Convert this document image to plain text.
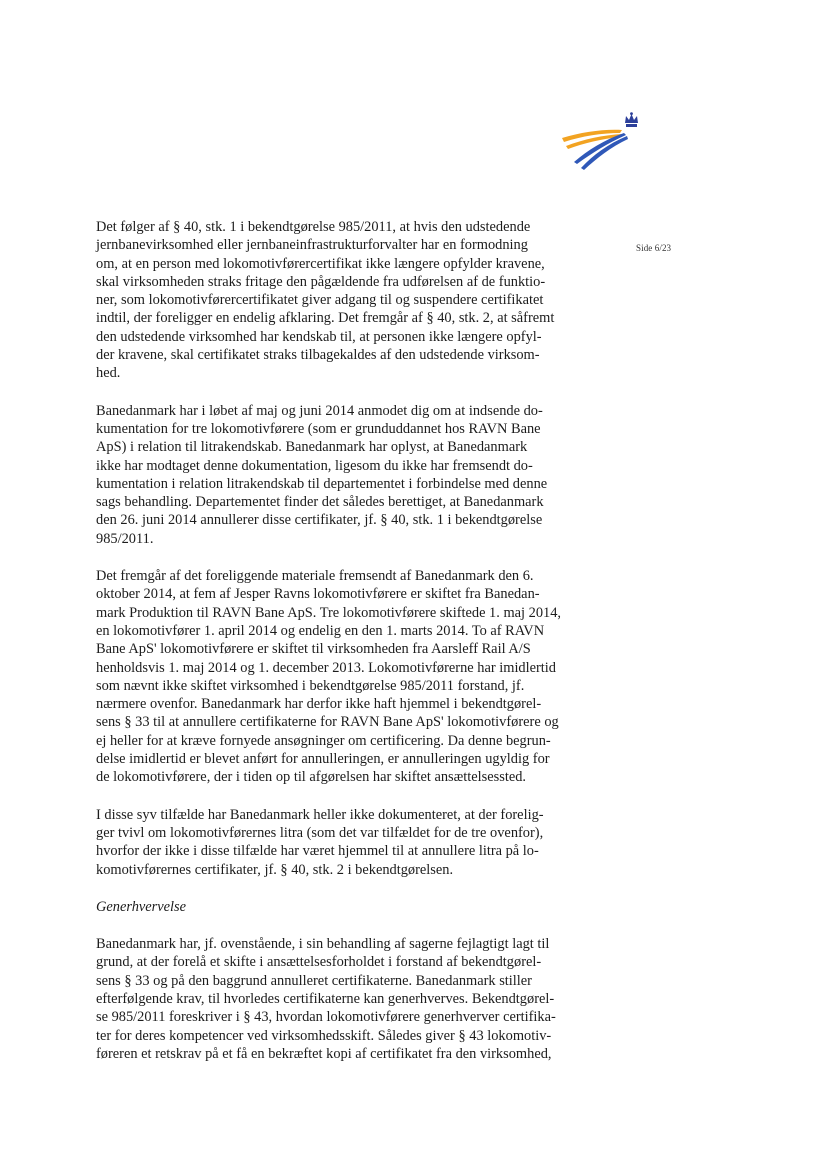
Side 6/23
Det følger af § 40, stk. 1 i bekendtgørelse 985/2011, at hvis den udstedende
jernbanevirksomhed eller jernbaneinfrastrukturforvalter har en formodning
om, at en person med lokomotivførercertifikat ikke længere opfylder kravene,
skal virksomheden straks fritage den pågældende fra udførelsen af de funktio-
ner, som lokomotivførercertifikatet giver adgang til og suspendere certifikatet
indtil, der foreligger en endelig afklaring. Det fremgår af § 40, stk. 2, at såfremt
den udstedende virksomhed har kendskab til, at personen ikke længere opfyl-
der kravene, skal certifikatet straks tilbagekaldes af den udstedende virksom-
hed.
Banedanmark har i løbet af maj og juni 2014 anmodet dig om at indsende do-
kumentation for tre lokomotivførere (som er grunduddannet hos RAVN Bane
ApS) i relation til litrakendskab. Banedanmark har oplyst, at Banedanmark
ikke har modtaget denne dokumentation, ligesom du ikke har fremsendt do-
kumentation i relation litrakendskab til departementet i forbindelse med denne
sags behandling. Departementet finder det således berettiget, at Banedanmark
den 26. juni 2014 annullerer disse certifikater, jf. § 40, stk. 1 i bekendtgørelse
985/2011.
Det fremgår af det foreliggende materiale fremsendt af Banedanmark den 6.
oktober 2014, at fem af Jesper Ravns lokomotivførere er skiftet fra Banedan-
mark Produktion til RAVN Bane ApS. Tre lokomotivførere skiftede 1. maj 2014,
en lokomotivfører 1. april 2014 og endelig en den 1. marts 2014. To af RAVN
Bane ApS' lokomotivførere er skiftet til virksomheden fra Aarsleff Rail A/S
henholdsvis 1. maj 2014 og 1. december 2013. Lokomotivførerne har imidlertid
som nævnt ikke skiftet virksomhed i bekendtgørelse 985/2011 forstand, jf.
nærmere ovenfor. Banedanmark har derfor ikke haft hjemmel i bekendtgørel-
sens § 33 til at annullere certifikaterne for RAVN Bane ApS' lokomotivførere og
ej heller for at kræve fornyede ansøgninger om certificering. Da denne begrun-
delse imidlertid er blevet anført for annulleringen, er annulleringen ugyldig for
de lokomotivførere, der i tiden op til afgørelsen har skiftet ansættelsessted.
I disse syv tilfælde har Banedanmark heller ikke dokumenteret, at der forelig-
ger tvivl om lokomotivførernes litra (som det var tilfældet for de tre ovenfor),
hvorfor der ikke i disse tilfælde har været hjemmel til at annullere litra på lo-
komotivførernes certifikater, jf. § 40, stk. 2 i bekendtgørelsen.
Generhvervelse
Banedanmark har, jf. ovenstående, i sin behandling af sagerne fejlagtigt lagt til
grund, at der forelå et skifte i ansættelsesforholdet i forstand af bekendtgørel-
sens § 33 og på den baggrund annulleret certifikaterne. Banedanmark stiller
efterfølgende krav, til hvorledes certifikaterne kan generhverves. Bekendtgørel-
se 985/2011 foreskriver i § 43, hvordan lokomotivførere generhverver certifika-
ter for deres kompetencer ved virksomhedsskift. Således giver § 43 lokomotiv-
føreren et retskrav på et få en bekræftet kopi af certifikatet fra den virksomhed,
